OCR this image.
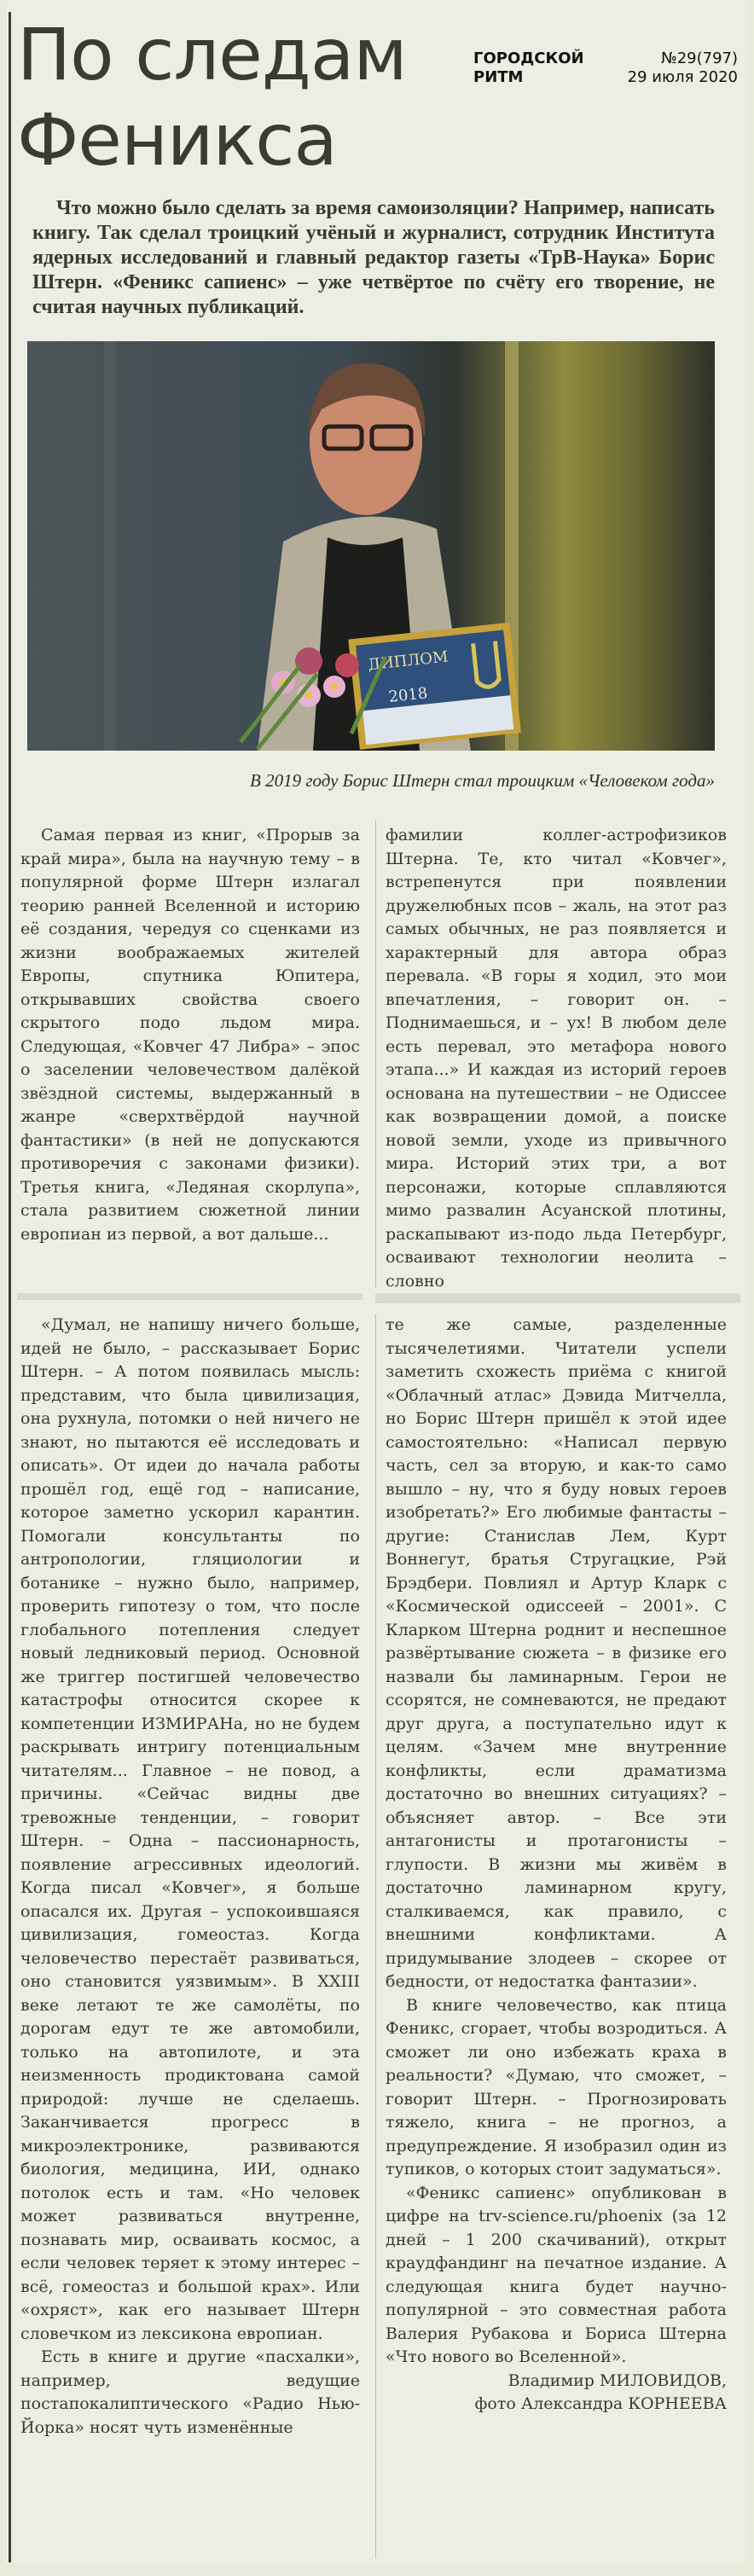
По следам
Феникса
ГОРОДСКОЙ	№29(797)
РИТМ	29 июля 2020

Что можно было сделать за время самоизоляции? Например, написать книгу. Так сделал троицкий учёный и журналист, сотрудник Института ядерных исследований и главный редактор газеты «ТрВ-Наука» Борис Штерн. «Феникс сапиенс» – уже четвёртое по счёту его творение, не считая научных публикаций.

ДИПЛОМ
2018

В 2019 году Борис Штерн стал троицким «Человеком года»

Самая первая из книг, «Прорыв за край мира», была на научную тему – в популярной форме Штерн излагал теорию ранней Вселенной и историю её создания, чередуя со сценками из жизни воображаемых жителей Европы, спутника Юпитера, открывавших свойства своего скрытого подо льдом мира. Следующая, «Ковчег 47 Либра» – эпос о заселении человечеством далёкой звёздной системы, выдержанный в жанре «сверхтвёрдой научной фантастики» (в ней не допускаются противоречия с законами физики). Третья книга, «Ледяная скорлупа», стала развитием сюжетной линии европиан из первой, а вот дальше...

фамилии коллег-астрофизиков Штерна. Те, кто читал «Ковчег», встрепенутся при появлении дружелюбных псов – жаль, на этот раз самых обычных, не раз появляется и характерный для автора образ перевала. «В горы я ходил, это мои впечатления, – говорит он. – Поднимаешься, и – ух! В любом деле есть перевал, это метафора нового этапа...» И каждая из историй героев основана на путешествии – не Одиссее как возвращении домой, а поиске новой земли, уходе из привычного мира. Историй этих три, а вот персонажи, которые сплавляются мимо развалин Асуанской плотины, раскапывают из-подо льда Петербург, осваивают технологии неолита – словно

«Думал, не напишу ничего больше, идей не было, – рассказывает Борис Штерн. – А потом появилась мысль: представим, что была цивилизация, она рухнула, потомки о ней ничего не знают, но пытаются её исследовать и описать». От идеи до начала работы прошёл год, ещё год – написание, которое заметно ускорил карантин. Помогали консультанты по антропологии, гляциологии и ботанике – нужно было, например, проверить гипотезу о том, что после глобального потепления следует новый ледниковый период. Основной же триггер постигшей человечество катастрофы относится скорее к компетенции ИЗМИРАНа, но не будем раскрывать интригу потенциальным читателям... Главное – не повод, а причины. «Сейчас видны две тревожные тенденции, – говорит Штерн. – Одна – пассионарность, появление агрессивных идеологий. Когда писал «Ковчег», я больше опасался их. Другая – успокоившаяся цивилизация, гомеостаз. Когда человечество перестаёт развиваться, оно становится уязвимым». В XXIII веке летают те же самолёты, по дорогам едут те же автомобили, только на автопилоте, и эта неизменность продиктована самой природой: лучше не сделаешь. Заканчивается прогресс в микроэлектронике, развиваются биология, медицина, ИИ, однако потолок есть и там. «Но человек может развиваться внутренне, познавать мир, осваивать космос, а если человек теряет к этому интерес – всё, гомеостаз и большой крах». Или «охряст», как его называет Штерн словечком из лексикона европиан.

Есть в книге и другие «пасхалки», например, ведущие постапокалиптического «Радио Нью-Йорка» носят чуть изменённые

те же самые, разделенные тысячелетиями. Читатели успели заметить схожесть приёма с книгой «Облачный атлас» Дэвида Митчелла, но Борис Штерн пришёл к этой идее самостоятельно: «Написал первую часть, сел за вторую, и как-то само вышло – ну, что я буду новых героев изобретать?» Его любимые фантасты – другие: Станислав Лем, Курт Воннегут, братья Стругацкие, Рэй Брэдбери. Повлиял и Артур Кларк с «Космической одиссеей – 2001». С Кларком Штерна роднит и неспешное развёртывание сюжета – в физике его назвали бы ламинарным. Герои не ссорятся, не сомневаются, не предают друг друга, а поступательно идут к целям. «Зачем мне внутренние конфликты, если драматизма достаточно во внешних ситуациях? – объясняет автор. – Все эти антагонисты и протагонисты – глупости. В жизни мы живём в достаточно ламинарном кругу, сталкиваемся, как правило, с внешними конфликтами. А придумывание злодеев – скорее от бедности, от недостатка фантазии».

В книге человечество, как птица Феникс, сгорает, чтобы возродиться. А сможет ли оно избежать краха в реальности? «Думаю, что сможет, – говорит Штерн. – Прогнозировать тяжело, книга – не прогноз, а предупреждение. Я изобразил один из тупиков, о которых стоит задуматься».

«Феникс сапиенс» опубликован в цифре на trv-science.ru/phoenix (за 12 дней – 1 200 скачиваний), открыт краудфандинг на печатное издание. А следующая книга будет научно-популярной – это совместная работа Валерия Рубакова и Бориса Штерна «Что нового во Вселенной».

Владимир МИЛОВИДОВ,

фото Александра КОРНЕЕВА
